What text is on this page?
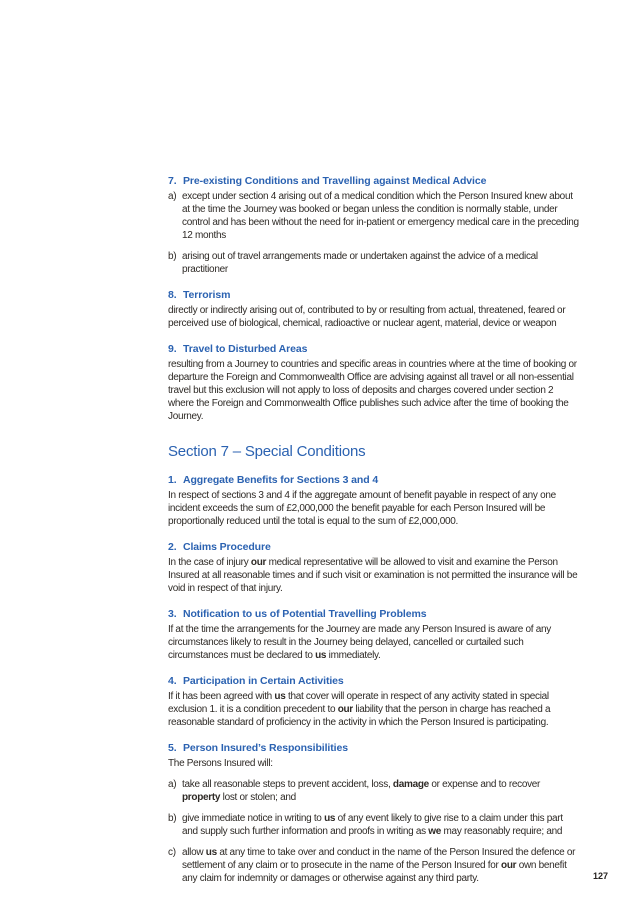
7. Pre-existing Conditions and Travelling against Medical Advice
a) except under section 4 arising out of a medical condition which the Person Insured knew about at the time the Journey was booked or began unless the condition is normally stable, under control and has been without the need for in-patient or emergency medical care in the preceding 12 months

b) arising out of travel arrangements made or undertaken against the advice of a medical practitioner

8. Terrorism

directly or indirectly arising out of, contributed to by or resulting from actual, threatened, feared or perceived use of biological, chemical, radioactive or nuclear agent, material, device or weapon

9. Travel to Disturbed Areas

resulting from a Journey to countries and specific areas in countries where at the time of booking or departure the Foreign and Commonwealth Office are advising against all travel or all non-essential travel but this exclusion will not apply to loss of deposits and charges covered under section 2 where the Foreign and Commonwealth Office publishes such advice after the time of booking the Journey.

Section 7 – Special Conditions
1. Aggregate Benefits for Sections 3 and 4

In respect of sections 3 and 4 if the aggregate amount of benefit payable in respect of any one incident exceeds the sum of £2,000,000 the benefit payable for each Person Insured will be proportionally reduced until the total is equal to the sum of £2,000,000.

2. Claims Procedure

In the case of injury our medical representative will be allowed to visit and examine the Person Insured at all reasonable times and if such visit or examination is not permitted the insurance will be void in respect of that injury.

3. Notification to us of Potential Travelling Problems

If at the time the arrangements for the Journey are made any Person Insured is aware of any circumstances likely to result in the Journey being delayed, cancelled or curtailed such circumstances must be declared to us immediately.

4. Participation in Certain Activities

If it has been agreed with us that cover will operate in respect of any activity stated in special exclusion 1. it is a condition precedent to our liability that the person in charge has reached a reasonable standard of proficiency in the activity in which the Person Insured is participating.

5. Person Insured’s Responsibilities

The Persons Insured will:

a) take all reasonable steps to prevent accident, loss, damage or expense and to recover property lost or stolen; and

b) give immediate notice in writing to us of any event likely to give rise to a claim under this part and supply such further information and proofs in writing as we may reasonably require; and

c) allow us at any time to take over and conduct in the name of the Person Insured the defence or settlement of any claim or to prosecute in the name of the Person Insured for our own benefit any claim for indemnity or damages or otherwise against any third party.	127
